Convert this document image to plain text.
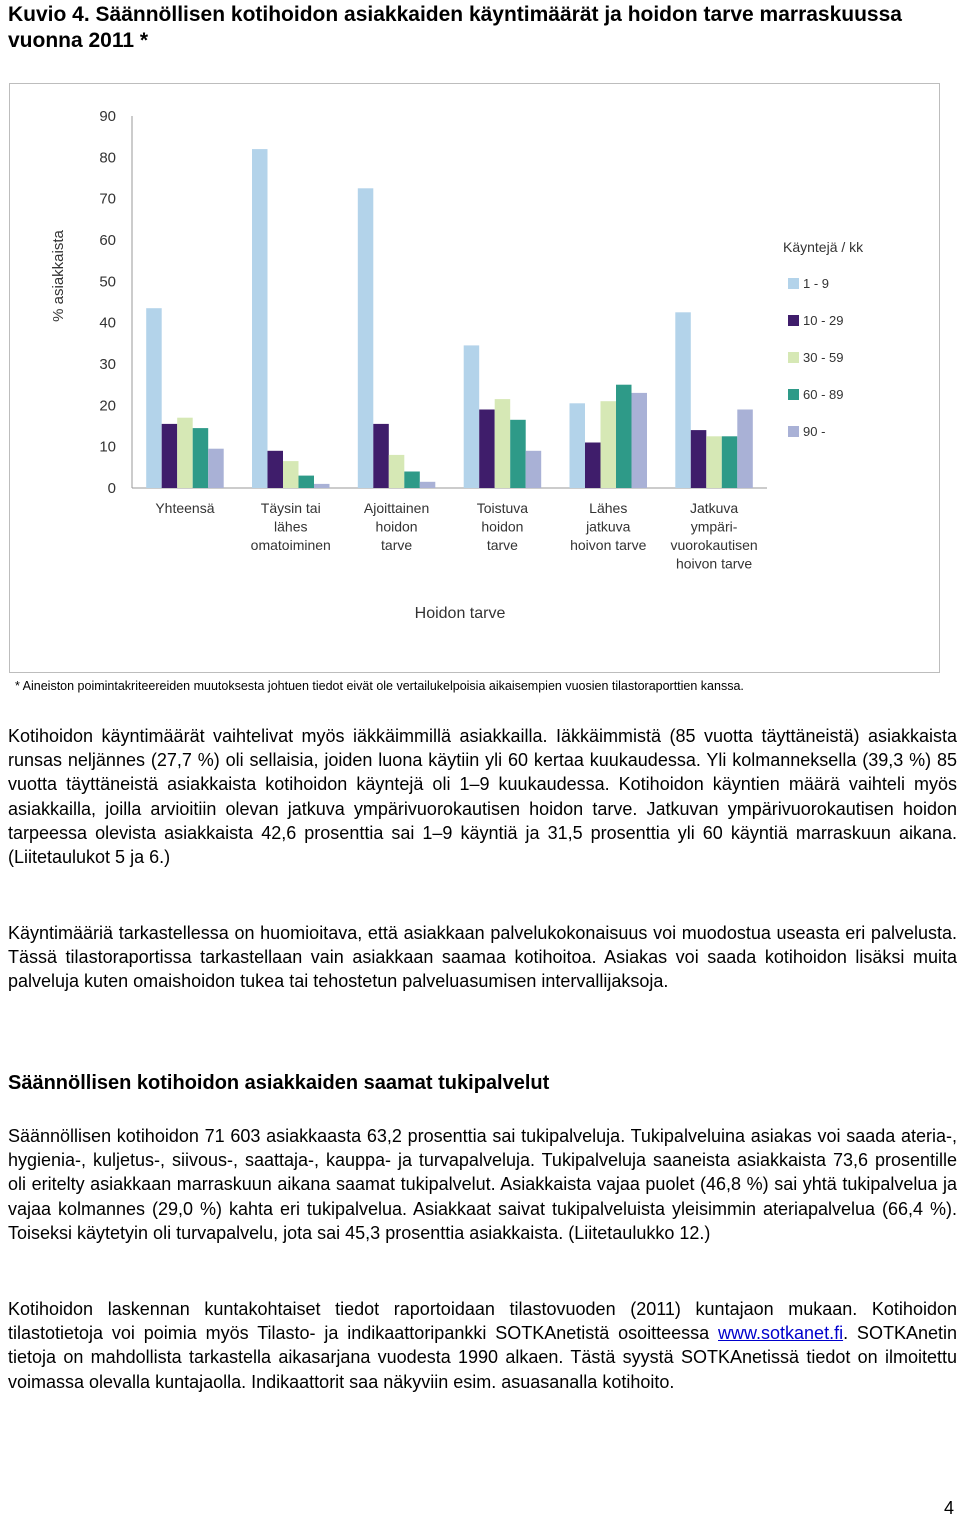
Kuvio 4. Säännöllisen kotihoidon asiakkaiden käyntimäärät ja hoidon tarve marraskuussa vuonna 2011 *
0
10
20
30
40
50
60
70
80
90
% asiakkaista
Yhteensä	Täysin tai
lähes
omatoiminen
Ajoittainen
hoidon
tarve
Toistuva
hoidon
tarve
Lähes
jatkuva
hoivon tarve
Jatkuva
ympäri-
vuorokautisen
hoivon tarve
Hoidon tarve
Käyntejä / kk
1 - 9
10 - 29
30 - 59
60 - 89
90 -
* Aineiston poimintakriteereiden muutoksesta johtuen tiedot eivät ole vertailukelpoisia aikaisempien vuosien tilastoraporttien kanssa.

Kotihoidon käyntimäärät vaihtelivat myös iäkkäimmillä asiakkailla. Iäkkäimmistä (85 vuotta täyttäneistä) asiakkaista runsas neljännes (27,7 %) oli sellaisia, joiden luona käytiin yli 60 kertaa kuukaudessa. Yli kolmanneksella (39,3 %) 85 vuotta täyttäneistä asiakkaista kotihoidon käyntejä oli 1–9 kuukaudessa. Kotihoidon käyntien määrä vaihteli myös asiakkailla, joilla arvioitiin olevan jatkuva ympärivuorokautisen hoidon tarve. Jatkuvan ympärivuorokautisen hoidon tarpeessa olevista asiakkaista 42,6 prosenttia sai 1–9 käyntiä ja 31,5 prosenttia yli 60 käyntiä marraskuun aikana. (Liitetaulukot 5 ja 6.)

Käyntimääriä tarkastellessa on huomioitava, että asiakkaan palvelukokonaisuus voi muodostua useasta eri palvelusta. Tässä tilastoraportissa tarkastellaan vain asiakkaan saamaa kotihoitoa. Asiakas voi saada kotihoidon lisäksi muita palveluja kuten omaishoidon tukea tai tehostetun palveluasumisen intervallijaksoja.

Säännöllisen kotihoidon asiakkaiden saamat tukipalvelut

Säännöllisen kotihoidon 71 603 asiakkaasta 63,2 prosenttia sai tukipalveluja. Tukipalveluina asiakas voi saada ateria-, hygienia-, kuljetus-, siivous-, saattaja-, kauppa- ja turvapalveluja. Tukipalveluja saaneista asiakkaista 73,6 prosentille oli eritelty asiakkaan marraskuun aikana saamat tukipalvelut. Asiakkaista vajaa puolet (46,8 %) sai yhtä tukipalvelua ja vajaa kolmannes (29,0 %) kahta eri tukipalvelua. Asiakkaat saivat tukipalveluista yleisimmin ateriapalvelua (66,4 %). Toiseksi käytetyin oli turvapalvelu, jota sai 45,3 prosenttia asiakkaista. (Liitetaulukko 12.)

Kotihoidon laskennan kuntakohtaiset tiedot raportoidaan tilastovuoden (2011) kuntajaon mukaan. Kotihoidon tilastotietoja voi poimia myös Tilasto- ja indikaattoripankki SOTKAnetistä osoitteessa www.sotkanet.fi. SOTKAnetin tietoja on mahdollista tarkastella aikasarjana vuodesta 1990 alkaen. Tästä syystä SOTKAnetissä tiedot on ilmoitettu voimassa olevalla kuntajaolla. Indikaattorit saa näkyviin esim. asuasanalla kotihoito.

4
